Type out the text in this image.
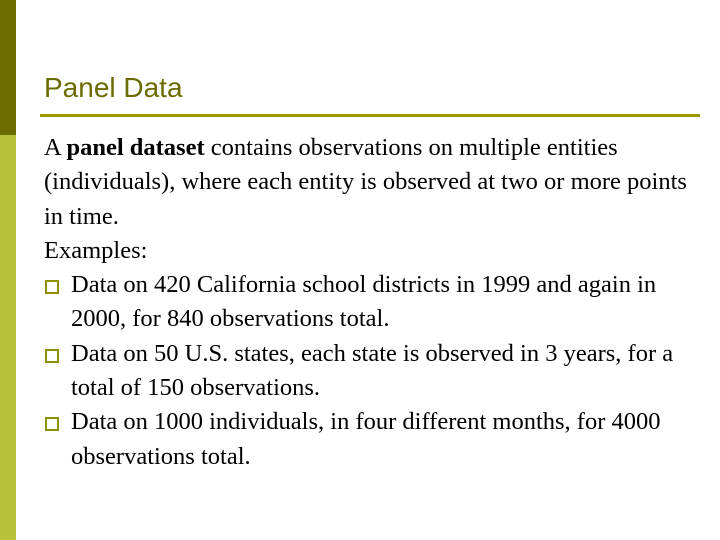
Panel Data

A panel dataset contains observations on multiple entities (individuals), where each entity is observed at two or more points in time.

Examples:

Data on 420 California school districts in 1999 and again in 2000, for 840 observations total.
Data on 50 U.S. states, each state is observed in 3 years, for a total of 150 observations.
Data on 1000 individuals, in four different months, for 4000 observations total.
